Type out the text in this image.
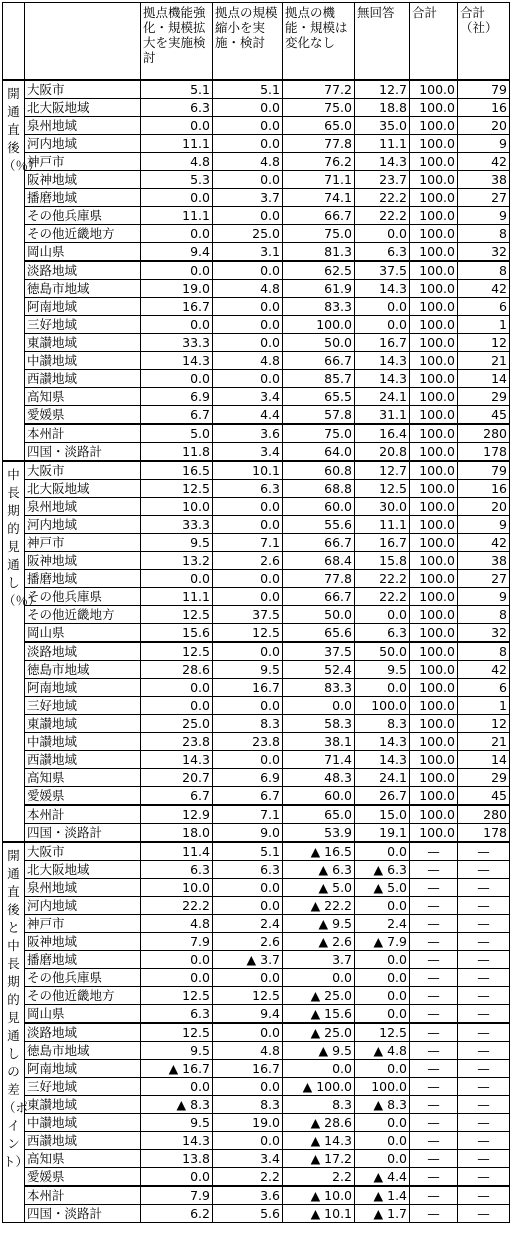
		拠点機能強化・規模拡大を実施検討	拠点の規模縮小を実施・検討	拠点の機能・規模は変化なし	無回答	合計	合計（社）
開通直後（％）	大阪市	5.1	5.1	77.2	12.7	100.0	79
	北大阪地域	6.3	0.0	75.0	18.8	100.0	16
	泉州地域	0.0	0.0	65.0	35.0	100.0	20
	河内地域	11.1	0.0	77.8	11.1	100.0	9
	神戸市	4.8	4.8	76.2	14.3	100.0	42
	阪神地域	5.3	0.0	71.1	23.7	100.0	38
	播磨地域	0.0	3.7	74.1	22.2	100.0	27
	その他兵庫県	11.1	0.0	66.7	22.2	100.0	9
	その他近畿地方	0.0	25.0	75.0	0.0	100.0	8
	岡山県	9.4	3.1	81.3	6.3	100.0	32
	淡路地域	0.0	0.0	62.5	37.5	100.0	8
	徳島市地域	19.0	4.8	61.9	14.3	100.0	42
	阿南地域	16.7	0.0	83.3	0.0	100.0	6
	三好地域	0.0	0.0	100.0	0.0	100.0	1
	東讃地域	33.3	0.0	50.0	16.7	100.0	12
	中讃地域	14.3	4.8	66.7	14.3	100.0	21
	西讃地域	0.0	0.0	85.7	14.3	100.0	14
	高知県	6.9	3.4	65.5	24.1	100.0	29
	愛媛県	6.7	4.4	57.8	31.1	100.0	45
	本州計	5.0	3.6	75.0	16.4	100.0	280
	四国・淡路計	11.8	3.4	64.0	20.8	100.0	178
中長期的見通し（％）	大阪市	16.5	10.1	60.8	12.7	100.0	79
	北大阪地域	12.5	6.3	68.8	12.5	100.0	16
	泉州地域	10.0	0.0	60.0	30.0	100.0	20
	河内地域	33.3	0.0	55.6	11.1	100.0	9
	神戸市	9.5	7.1	66.7	16.7	100.0	42
	阪神地域	13.2	2.6	68.4	15.8	100.0	38
	播磨地域	0.0	0.0	77.8	22.2	100.0	27
	その他兵庫県	11.1	0.0	66.7	22.2	100.0	9
	その他近畿地方	12.5	37.5	50.0	0.0	100.0	8
	岡山県	15.6	12.5	65.6	6.3	100.0	32
	淡路地域	12.5	0.0	37.5	50.0	100.0	8
	徳島市地域	28.6	9.5	52.4	9.5	100.0	42
	阿南地域	0.0	16.7	83.3	0.0	100.0	6
	三好地域	0.0	0.0	0.0	100.0	100.0	1
	東讃地域	25.0	8.3	58.3	8.3	100.0	12
	中讃地域	23.8	23.8	38.1	14.3	100.0	21
	西讃地域	14.3	0.0	71.4	14.3	100.0	14
	高知県	20.7	6.9	48.3	24.1	100.0	29
	愛媛県	6.7	6.7	60.0	26.7	100.0	45
	本州計	12.9	7.1	65.0	15.0	100.0	280
	四国・淡路計	18.0	9.0	53.9	19.1	100.0	178
開通直後と中長期的見通しの差（ポイント）	大阪市	11.4	5.1	▲ 16.5	0.0	—	—
	北大阪地域	6.3	6.3	▲ 6.3	▲ 6.3	—	—
	泉州地域	10.0	0.0	▲ 5.0	▲ 5.0	—	—
	河内地域	22.2	0.0	▲ 22.2	0.0	—	—
	神戸市	4.8	2.4	▲ 9.5	2.4	—	—
	阪神地域	7.9	2.6	▲ 2.6	▲ 7.9	—	—
	播磨地域	0.0	▲ 3.7	3.7	0.0	—	—
	その他兵庫県	0.0	0.0	0.0	0.0	—	—
	その他近畿地方	12.5	12.5	▲ 25.0	0.0	—	—
	岡山県	6.3	9.4	▲ 15.6	0.0	—	—
	淡路地域	12.5	0.0	▲ 25.0	12.5	—	—
	徳島市地域	9.5	4.8	▲ 9.5	▲ 4.8	—	—
	阿南地域	▲ 16.7	16.7	0.0	0.0	—	—
	三好地域	0.0	0.0	▲ 100.0	100.0	—	—
	東讃地域	▲ 8.3	8.3	8.3	▲ 8.3	—	—
	中讃地域	9.5	19.0	▲ 28.6	0.0	—	—
	西讃地域	14.3	0.0	▲ 14.3	0.0	—	—
	高知県	13.8	3.4	▲ 17.2	0.0	—	—
	愛媛県	0.0	2.2	2.2	▲ 4.4	—	—
	本州計	7.9	3.6	▲ 10.0	▲ 1.4	—	—
	四国・淡路計	6.2	5.6	▲ 10.1	▲ 1.7	—	—
